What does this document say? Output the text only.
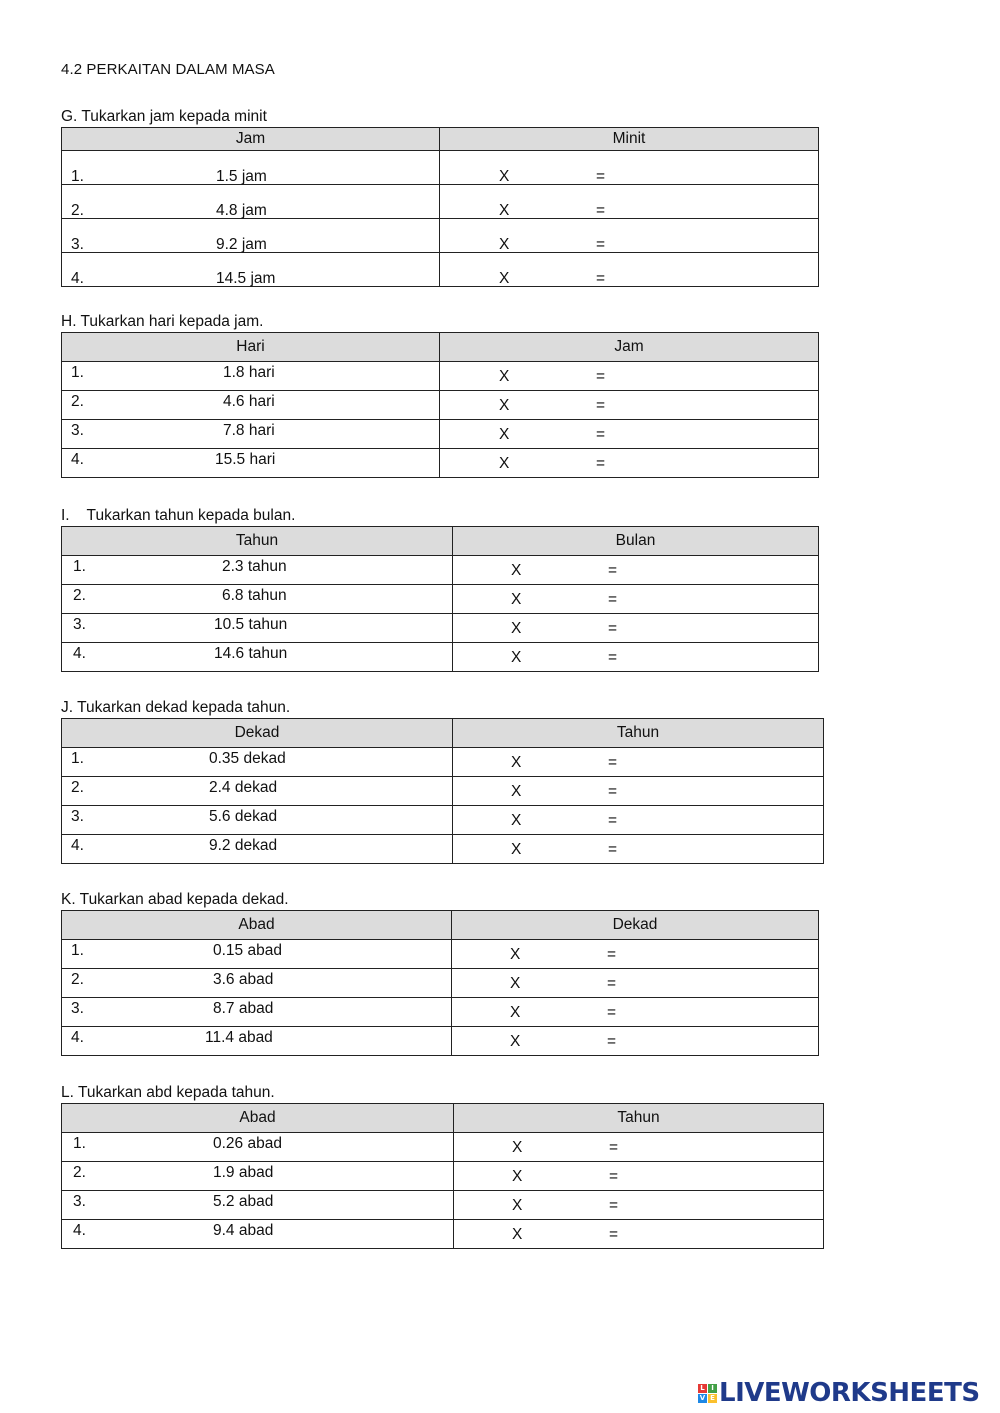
4.2 PERKAITAN DALAM MASA
G. Tukarkan jam kepada minit
Jam	Minit

1. 1.5 jam	X =

2. 4.8 jam	X =

3. 9.2 jam	X =

4. 14.5 jam	X =
H. Tukarkan hari kepada jam.
Hari	Jam

1. 1.8 hari	X =

2. 4.6 hari	X =

3. 7.8 hari	X =

4. 15.5 hari	X =
I.    Tukarkan tahun kepada bulan.
Tahun	Bulan

1. 2.3 tahun	X =

2. 6.8 tahun	X =

3. 10.5 tahun	X =

4. 14.6 tahun	X =
J. Tukarkan dekad kepada tahun.
Dekad	Tahun

1. 0.35 dekad	X =

2. 2.4 dekad	X =

3. 5.6 dekad	X =

4. 9.2 dekad	X =
K. Tukarkan abad kepada dekad.
Abad	Dekad

1. 0.15 abad	X =

2. 3.6 abad	X =

3. 8.7 abad	X =

4. 11.4 abad	X =
L. Tukarkan abd kepada tahun.
Abad	Tahun

1. 0.26 abad	X =

2. 1.9 abad	X =

3. 5.2 abad	X =

4. 9.4 abad	X =
L I
V E LIVEWORKSHEETS
